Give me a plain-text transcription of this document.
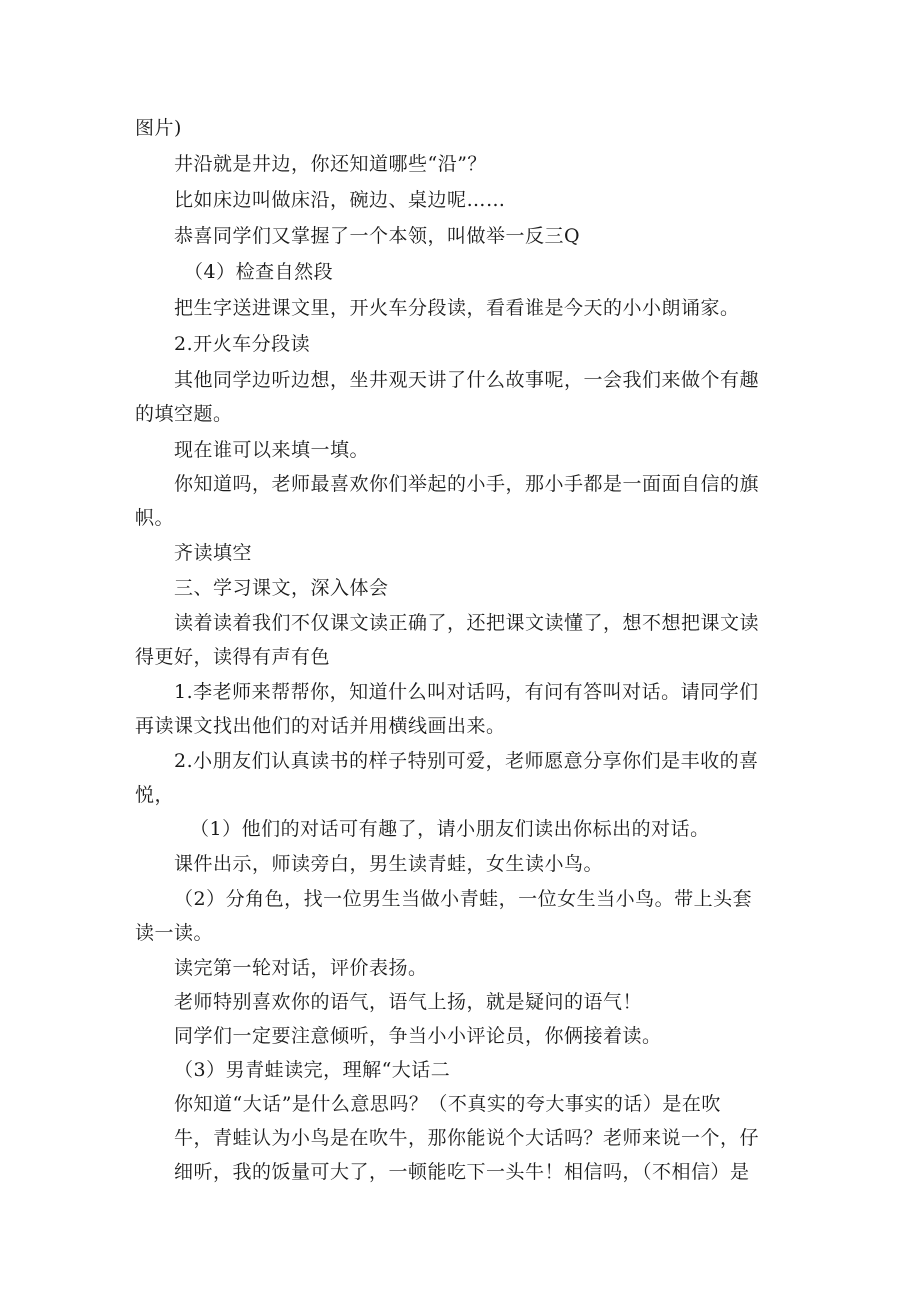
图片)
井沿就是井边，你还知道哪些“沿”？
比如床边叫做床沿，碗边、桌边呢……
恭喜同学们又掌握了一个本领，叫做举一反三Q
（4）检查自然段
把生字送进课文里，开火车分段读，看看谁是今天的小小朗诵家。
2.开火车分段读
其他同学边听边想，坐井观天讲了什么故事呢，一会我们来做个有趣
的填空题。
现在谁可以来填一填。
你知道吗，老师最喜欢你们举起的小手，那小手都是一面面自信的旗
帜。
齐读填空
三、学习课文，深入体会
读着读着我们不仅课文读正确了，还把课文读懂了，想不想把课文读
得更好，读得有声有色
1.李老师来帮帮你，知道什么叫对话吗，有问有答叫对话。请同学们
再读课文找出他们的对话并用横线画出来。
2.小朋友们认真读书的样子特别可爱，老师愿意分享你们是丰收的喜
悦，
（1）他们的对话可有趣了，请小朋友们读出你标出的对话。
课件出示，师读旁白，男生读青蛙，女生读小鸟。
（2）分角色，找一位男生当做小青蛙，一位女生当小鸟。带上头套
读一读。
读完第一轮对话，评价表扬。
老师特别喜欢你的语气，语气上扬，就是疑问的语气！
同学们一定要注意倾听，争当小小评论员，你俩接着读。
（3）男青蛙读完，理解“大话二
你知道“大话”是什么意思吗？（不真实的夸大事实的话）是在吹
牛，青蛙认为小鸟是在吹牛，那你能说个大话吗？老师来说一个，仔
细听，我的饭量可大了，一顿能吃下一头牛！相信吗，（不相信）是
